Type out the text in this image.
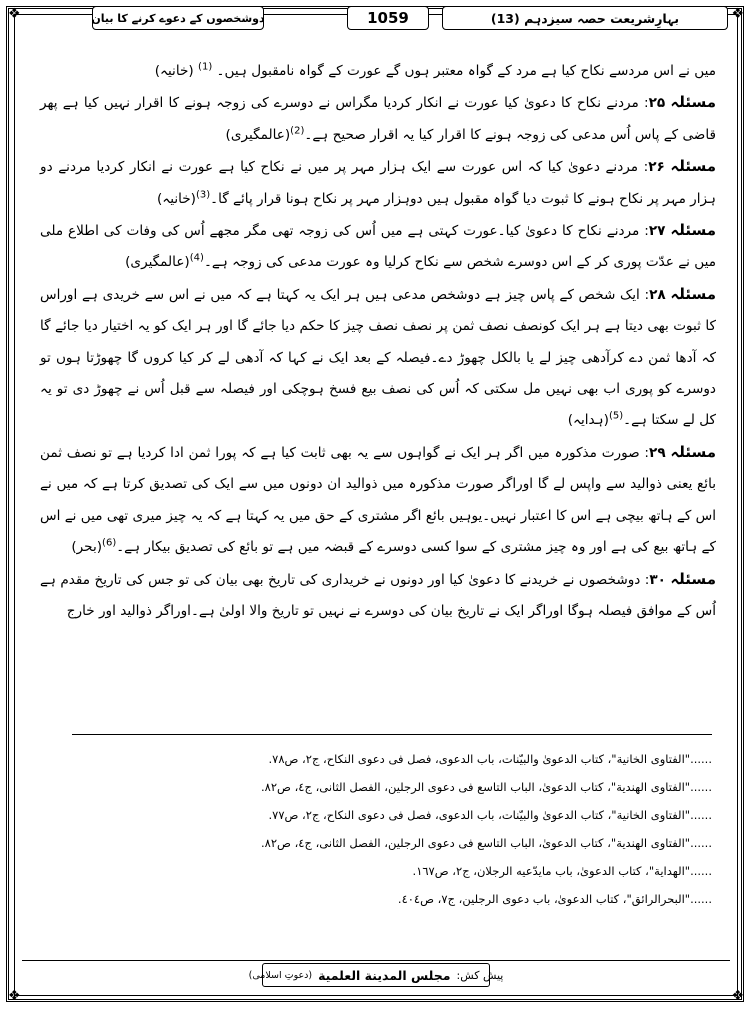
❖	❖
❖	❖
بہارِشریعت حصہ سیزدہم (13)
1059
دوشخصوں کے دعوے کرنے کا بیان
میں نے اس مردسے نکاح کیا ہے مرد کے گواہ معتبر ہوں گے عورت کے گواہ نامقبول ہیں۔ $^{(1)}$ (خانیہ)
مسئلہ ۲۵: مردنے نکاح کا دعویٰ کیا عورت نے انکار کردیا مگراس نے دوسرے کی زوجہ ہونے کا اقرار نہیں کیا ہے پھر قاضی کے پاس اُس مدعی کی زوجہ ہونے کا اقرار کیا یہ اقرار صحیح ہے۔$^{(2)}$(عالمگیری)
مسئلہ ۲۶: مردنے دعویٰ کیا کہ اس عورت سے ایک ہزار مہر پر میں نے نکاح کیا ہے عورت نے انکار کردیا مردنے دو ہزار مہر پر نکاح ہونے کا ثبوت دیا گواہ مقبول ہیں دوہزار مہر پر نکاح ہونا قرار پائے گا۔$^{(3)}$(خانیہ)
مسئلہ ۲۷: مردنے نکاح کا دعویٰ کیا۔عورت کہتی ہے میں اُس کی زوجہ تھی مگر مجھے اُس کی وفات کی اطلاع ملی میں نے عدّت پوری کر کے اس دوسرے شخص سے نکاح کرلیا وہ عورت مدعی کی زوجہ ہے۔$^{(4)}$(عالمگیری)
مسئلہ ۲۸: ایک شخص کے پاس چیز ہے دوشخص مدعی ہیں ہر ایک یہ کہتا ہے کہ میں نے اس سے خریدی ہے اوراس کا ثبوت بھی دیتا ہے ہر ایک کونصف نصف ثمن پر نصف نصف چیز کا حکم دیا جائے گا اور ہر ایک کو یہ اختیار دیا جائے گا کہ آدھا ثمن دے کرآدھی چیز لے یا بالکل چھوڑ دے۔فیصلہ کے بعد ایک نے کہا کہ آدھی لے کر کیا کروں گا چھوڑتا ہوں تو دوسرے کو پوری اب بھی نہیں مل سکتی کہ اُس کی نصف بیع فسخ ہوچکی اور فیصلہ سے قبل اُس نے چھوڑ دی تو یہ کل لے سکتا ہے۔$^{(5)}$(ہدایہ)
مسئلہ ۲۹: صورت مذکورہ میں اگر ہر ایک نے گواہوں سے یہ بھی ثابت کیا ہے کہ پورا ثمن ادا کردیا ہے تو نصف ثمن بائع یعنی ذوالید سے واپس لے گا اوراگر صورت مذکورہ میں ذوالید ان دونوں میں سے ایک کی تصدیق کرتا ہے کہ میں نے اس کے ہاتھ بیچی ہے اس کا اعتبار نہیں۔یوہیں بائع اگر مشتری کے حق میں یہ کہتا ہے کہ یہ چیز میری تھی میں نے اس کے ہاتھ بیع کی ہے اور وہ چیز مشتری کے سوا کسی دوسرے کے قبضہ میں ہے تو بائع کی تصدیق بیکار ہے۔$^{(6)}$(بحر)
مسئلہ ۳۰: دوشخصوں نے خریدنے کا دعویٰ کیا اور دونوں نے خریداری کی تاریخ بھی بیان کی تو جس کی تاریخ مقدم ہے اُس کے موافق فیصلہ ہوگا اوراگر ایک نے تاریخ بیان کی دوسرے نے نہیں تو تاریخ والا اولیٰ ہے۔اوراگر ذوالید اور خارج
......"الفتاوی الخانیة"، کتاب الدعویٰ والبیّنات، باب الدعوی، فصل فی دعوی النکاح، ج۲، ص۷۸.
......"الفتاوی الهندیة"، کتاب الدعویٰ، الباب التاسع فی دعوی الرجلین، الفصل الثانی، ج٤، ص۸۲.
......"الفتاوی الخانیة"، کتاب الدعویٰ والبیّنات، باب الدعوی، فصل فی دعوی النکاح، ج۲، ص۷۷.
......"الفتاوی الهندیة"، کتاب الدعویٰ، الباب التاسع فی دعوی الرجلین، الفصل الثانی، ج٤، ص۸۲.
......"الهدایة"، کتاب الدعویٰ، باب مایدّعیه الرجلان، ج۲، ص۱٦۷.
......"البحرالرائق"، کتاب الدعویٰ، باب دعوی الرجلین، ج۷، ص٤۰٤.
پیش کش:
مجلس المدينة العلمية
(دعوتِ اسلامی)
